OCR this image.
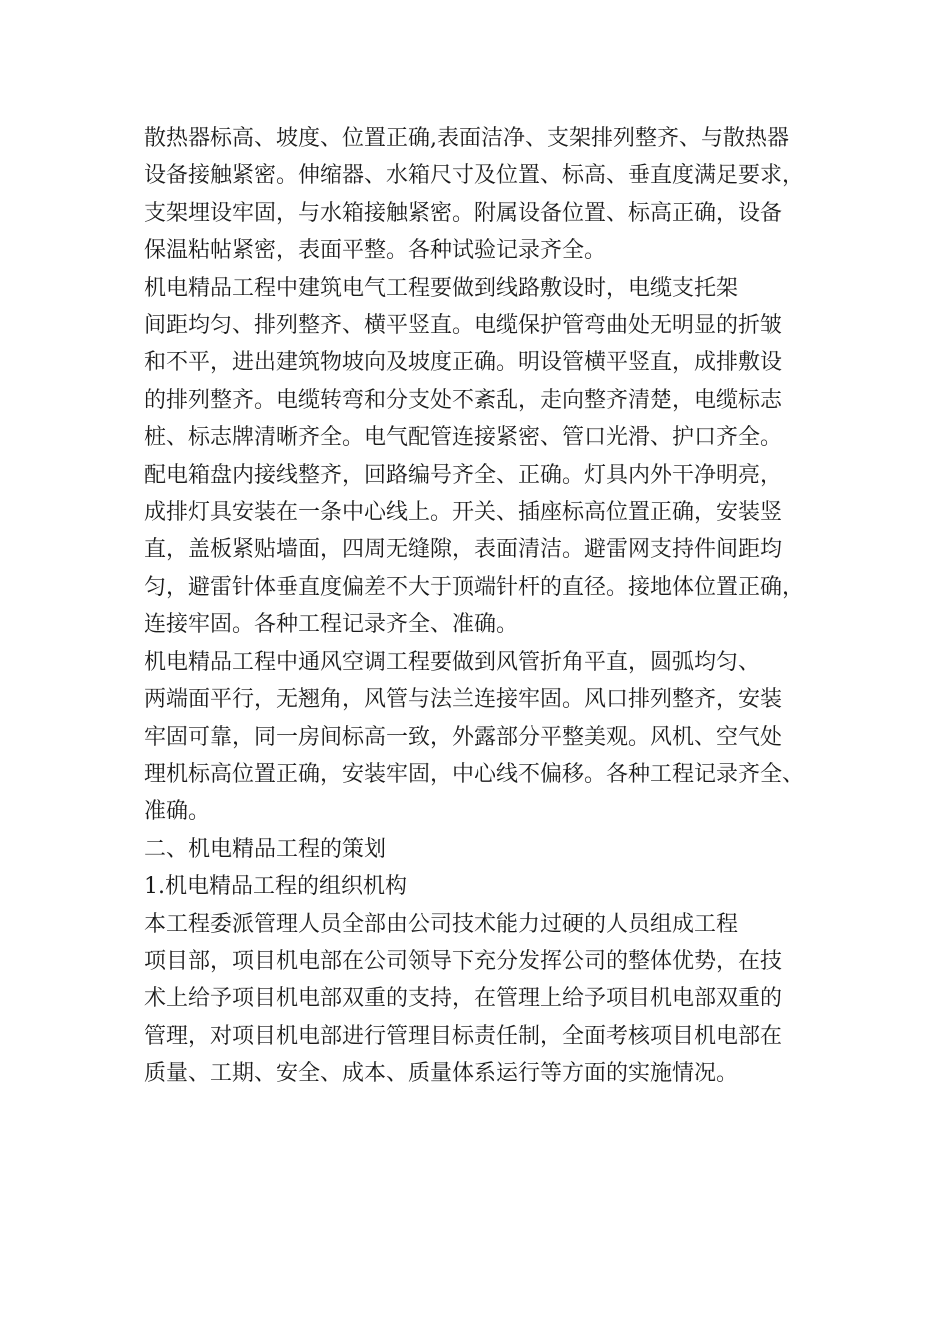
散热器标高、坡度、位置正确,表面洁净、支架排列整齐、与散热器

设备接触紧密。伸缩器、水箱尺寸及位置、标高、垂直度满足要求，

支架埋设牢固，与水箱接触紧密。附属设备位置、标高正确，设备

保温粘帖紧密，表面平整。各种试验记录齐全。

机电精品工程中建筑电气工程要做到线路敷设时，电缆支托架

间距均匀、排列整齐、横平竖直。电缆保护管弯曲处无明显的折皱

和不平，进出建筑物坡向及坡度正确。明设管横平竖直，成排敷设

的排列整齐。电缆转弯和分支处不紊乱，走向整齐清楚，电缆标志

桩、标志牌清晰齐全。电气配管连接紧密、管口光滑、护口齐全。

配电箱盘内接线整齐，回路编号齐全、正确。灯具内外干净明亮，

成排灯具安装在一条中心线上。开关、插座标高位置正确，安装竖

直，盖板紧贴墙面，四周无缝隙，表面清洁。避雷网支持件间距均

匀，避雷针体垂直度偏差不大于顶端针杆的直径。接地体位置正确，

连接牢固。各种工程记录齐全、准确。

机电精品工程中通风空调工程要做到风管折角平直，圆弧均匀、

两端面平行，无翘角，风管与法兰连接牢固。风口排列整齐，安装

牢固可靠，同一房间标高一致，外露部分平整美观。风机、空气处

理机标高位置正确，安装牢固，中心线不偏移。各种工程记录齐全、

准确。

二、机电精品工程的策划

1.机电精品工程的组织机构

本工程委派管理人员全部由公司技术能力过硬的人员组成工程

项目部，项目机电部在公司领导下充分发挥公司的整体优势，在技

术上给予项目机电部双重的支持，在管理上给予项目机电部双重的

管理，对项目机电部进行管理目标责任制，全面考核项目机电部在

质量、工期、安全、成本、质量体系运行等方面的实施情况。
